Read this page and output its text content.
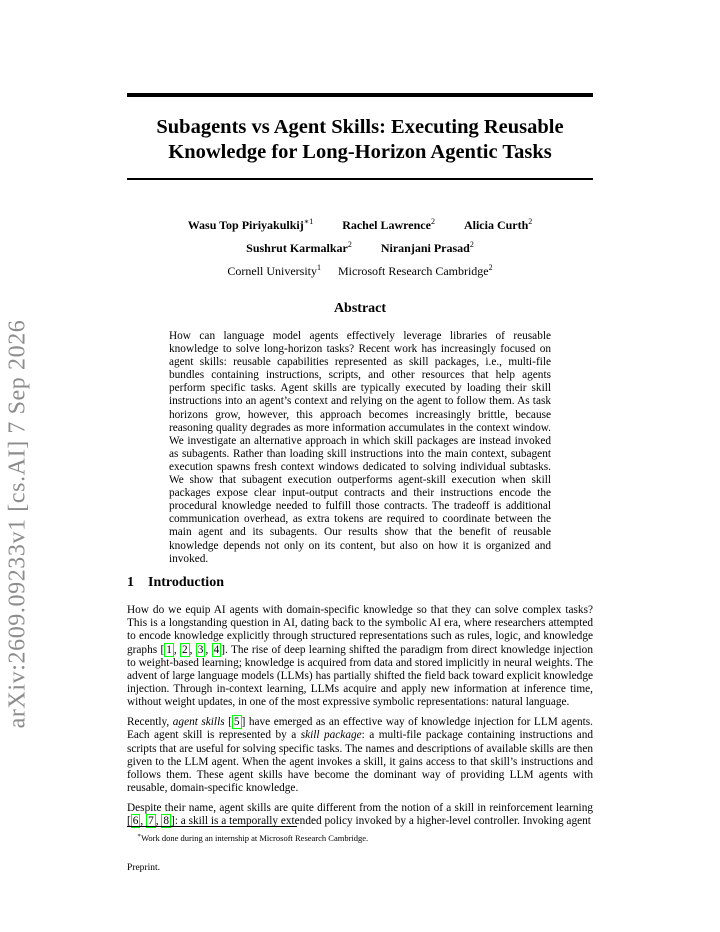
arXiv:2609.09233v1 [cs.AI] 7 Sep 2026
Subagents vs Agent Skills: Executing Reusable
Knowledge for Long-Horizon Agentic Tasks
Wasu Top Piriyakulkij$^{∗1}$ Rachel Lawrence$^2$ Alicia Curth$^2$
Sushrut Karmalkar$^2$ Niranjani Prasad$^2$
Cornell University$^1$ Microsoft Research Cambridge$^2$
Abstract

How can language model agents effectively leverage libraries of reusable knowledge to solve long-horizon tasks? Recent work has increasingly focused on agent skills: reusable capabilities represented as skill packages, i.e., multi-file bundles containing instructions, scripts, and other resources that help agents perform specific tasks. Agent skills are typically executed by loading their skill instructions into an agent’s context and relying on the agent to follow them. As task horizons grow, however, this approach becomes increasingly brittle, because reasoning quality degrades as more information accumulates in the context window. We investigate an alternative approach in which skill packages are instead invoked as subagents. Rather than loading skill instructions into the main context, subagent execution spawns fresh context windows dedicated to solving individual subtasks. We show that subagent execution outperforms agent-skill execution when skill packages expose clear input-output contracts and their instructions encode the procedural knowledge needed to fulfill those contracts. The tradeoff is additional communication overhead, as extra tokens are required to coordinate between the main agent and its subagents. Our results show that the benefit of reusable knowledge depends not only on its content, but also on how it is organized and invoked.

1 Introduction

How do we equip AI agents with domain-specific knowledge so that they can solve complex tasks? This is a longstanding question in AI, dating back to the symbolic AI era, where researchers attempted to encode knowledge explicitly through structured representations such as rules, logic, and knowledge graphs [ 1 , 2 , 3 , 4 ]. The rise of deep learning shifted the paradigm from direct knowledge injection to weight-based learning; knowledge is acquired from data and stored implicitly in neural weights. The advent of large language models (LLMs) has partially shifted the field back toward explicit knowledge injection. Through in-context learning, LLMs acquire and apply new information at inference time, without weight updates, in one of the most expressive symbolic representations: natural language.

Recently, agent skills [ 5 ] have emerged as an effective way of knowledge injection for LLM agents. Each agent skill is represented by a skill package: a multi-file package containing instructions and scripts that are useful for solving specific tasks. The names and descriptions of available skills are then given to the LLM agent. When the agent invokes a skill, it gains access to that skill’s instructions and follows them. These agent skills have become the dominant way of providing LLM agents with reusable, domain-specific knowledge.

Despite their name, agent skills are quite different from the notion of a skill in reinforcement learning [ 6 , 7 , 8 ]: a skill is a temporally extended policy invoked by a higher-level controller. Invoking agent

∗Work done during an internship at Microsoft Research Cambridge.
Preprint.
